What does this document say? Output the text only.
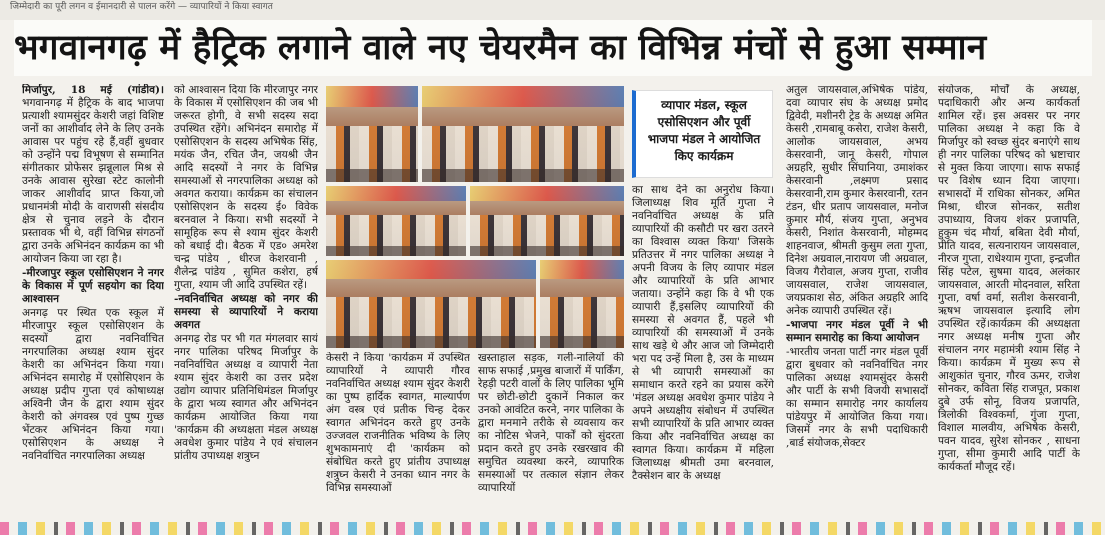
जिम्मेदारी का पूरी लगन व ईमानदारी से पालन करेंगे — व्यापारियों ने किया स्वागत
भगवानगढ़ में हैट्रिक लगाने वाले नए चेयरमैन का विभिन्न मंचों से हुआ सम्मान

मिर्जापुर, 18 मई (गांडीव)। भगवानगढ़ में हैट्रिक के बाद भाजपा प्रत्याशी श्यामसुंदर केशरी जहां विशिष्ट जनों का आशीर्वाद लेने के लिए उनके आवास पर पहुंच रहे हैं,वहीं बुधवार को उन्होंने पद्म विभूषण से सम्मानित संगीतकार प्रोफेसर झन्नूलाल मिश्र से उनके आवास सुरेखा स्टेट कालोनी जाकर आशीर्वाद प्राप्त किया,जो प्रधानमंत्री मोदी के वाराणसी संसदीय क्षेत्र से चुनाव लड़ने के दौरान प्रस्तावक भी थे, वहीं विभिन्न संगठनों द्वारा उनके अभिनंदन कार्यक्रम का भी आयोजन किया जा रहा है।

-मीरजापुर स्कूल एसोसिएशन ने नगर के विकास में पूर्ण सहयोग का दिया आश्वासन

अनगढ़ पर स्थित एक स्कूल में मीरजापुर स्कूल एसोसिएशन के सदस्यों द्वारा नवनिर्वाचित नगरपालिका अध्यक्ष श्याम सुंदर केशरी का अभिनंदन किया गया। अभिनंदन समारोह में एसोसिएशन के अध्यक्ष प्रदीप गुप्ता एवं कोषाध्यक्ष अश्विनी जैन के द्वारा श्याम सुंदर केशरी को अंगवस्त्र एवं पुष्प गुच्छ भेंटकर अभिनंदन किया गया। एसोसिएशन के अध्यक्ष ने नवनिर्वाचित नगरपालिका अध्यक्ष

को आश्वासन दिया कि मीरजापुर नगर के विकास में एसोसिएशन की जब भी जरूरत होगी, वे सभी सदस्य सदा उपस्थित रहेंगे। अभिनंदन समारोह में एसोसिएशन के सदस्य अभिषेक सिंह, मयंक जैन, रचित जैन, जयश्री जैन आदि सदस्यों ने नगर के विभिन्न समस्याओं से नगरपालिका अध्यक्ष को अवगत कराया। कार्यक्रम का संचालन एसोसिएशन के सदस्य ई० विवेक बरनवाल ने किया। सभी सदस्यों ने सामूहिक रूप से श्याम सुंदर केशरी को बधाई दी। बैठक में एड० अमरेश चन्द्र पांडेय , धीरज केशरवानी , शैलेन्द्र पांडेय , सुमित कशेरा, हर्ष गुप्ता, श्याम जी आदि उपस्थित रहें।

-नवनिर्वाचित अध्यक्ष को नगर की समस्या से व्यापारियों ने कराया अवगत

अनगढ़ रोड पर भी गत मंगलवार सायं नगर पालिका परिषद मिर्जापुर के नवनिर्वाचित अध्यक्ष व व्यापारी नेता श्याम सुंदर केशरी का उत्तर प्रदेश उद्योग व्यापार प्रतिनिधिमंडल मिर्जापुर के द्वारा भव्य स्वागत और अभिनंदन कार्यक्रम आयोजित किया गया 'कार्यक्रम की अध्यक्षता मंडल अध्यक्ष अवधेश कुमार पांडेय ने एवं संचालन प्रांतीय उपाध्यक्ष शत्रुघ्न

केसरी ने किया 'कार्यक्रम में उपस्थित व्यापारियों ने व्यापारी गौरव नवनिर्वाचित अध्यक्ष श्याम सुंदर केशरी का पुष्प हार्दिक स्वागत, माल्यार्पण अंग वस्त्र एवं प्रतीक चिन्ह देकर स्वागत अभिनंदन करते हुए उनके उज्जवल राजनीतिक भविष्य के लिए शुभकामनाएं दी 'कार्यक्रम को संबोधित करते हुए प्रांतीय उपाध्यक्ष शत्रुघ्न केसरी ने उनका ध्यान नगर के विभिन्न समस्याओं

खस्ताहाल सड़क, गली-नालियों की साफ सफाई ,प्रमुख बाजारों में पार्किंग, रेहड़ी पटरी वालों के लिए पालिका भूमि पर छोटी-छोटी दुकानें निकाल कर उनको आवंटित करने, नगर पालिका के द्वारा मनमाने तरीके से व्यवसाय कर का नोटिस भेजने, पार्कों को सुंदरता प्रदान करते हुए उनके रखरखाव की समुचित व्यवस्था करने, व्यापारिक समस्याओं पर तत्काल संज्ञान लेकर व्यापारियों

व्यापार मंडल, स्कूल
एसोसिएशन और पूर्वी
भाजपा मंडल ने आयोजित
किए कार्यक्रम

का साथ देने का अनुरोध किया। जिलाध्यक्ष शिव मूर्ति गुप्ता ने नवनिर्वाचित अध्यक्ष के प्रति व्यापारियों की कसौटी पर खरा उतरने का विश्वास व्यक्त किया' जिसके प्रतिउत्तर में नगर पालिका अध्यक्ष ने अपनी विजय के लिए व्यापार मंडल और व्यापारियों के प्रति आभार जताया। उन्होंने कहा कि वे भी एक व्यापारी हैं,इसलिए व्यापारियों की समस्या से अवगत हैं, पहले भी व्यापारियों की समस्याओं में उनके साथ खड़े थे और आज जो जिम्मेदारी भरा पद उन्हें मिला है, उस के माध्यम से भी व्यापारी समस्याओं का समाधान करते रहने का प्रयास करेंगे 'मंडल अध्यक्ष अवधेश कुमार पांडेय ने अपने अध्यक्षीय संबोधन में उपस्थित सभी व्यापारियों के प्रति आभार व्यक्त किया और नवनिर्वाचित अध्यक्ष का स्वागत किया। कार्यक्रम में महिला जिलाध्यक्ष श्रीमती उमा बरनवाल, टैक्सेशन बार के अध्यक्ष

अतुल जायसवाल,अभिषेक पांडेय, दवा व्यापार संघ के अध्यक्ष प्रमोद द्विवेदी, मशीनरी ट्रेड के अध्यक्ष अमित केसरी ,रामबाबू कसेरा, राजेश केसरी, आलोक जायसवाल, अभय केसरवानी, जानू केसरी, गोपाल अग्रहरि, सुधीर सिंघानिया, उमाशंकर केसरवानी ,लक्ष्मण प्रसाद केसरवानी,राम कुमार केसरवानी, रतन टंडन, धीर प्रताप जायसवाल, मनोज कुमार मौर्य, संजय गुप्ता, अनुभव केसरी, निशांत केसरवानी, मोहम्मद शाहनवाज, श्रीमती कुसुम लता गुप्ता, दिनेश अग्रवाल,नारायण जी अग्रवाल, विजय गैरोवाल, अजय गुप्ता, राजीव जायसवाल, राजेश जायसवाल, जयप्रकाश सेठ, अंकित अग्रहरि आदि अनेक व्यापारी उपस्थित रहें।

-भाजपा नगर मंडल पूर्वी ने भी सम्मान समारोह का किया आयोजन

-भारतीय जनता पार्टी नगर मंडल पूर्वी द्वारा बुधवार को नवनिर्वाचित नगर पालिका अध्यक्ष श्यामसुंदर केसरी और पार्टी के सभी विजयी सभासदों का सम्मान समारोह नगर कार्यालय पांडेयपुर में आयोजित किया गया। जिसमें नगर के सभी पदाधिकारी ,बार्ड संयोजक,सेक्टर

संयोजक, मोर्चों के अध्यक्ष, पदाधिकारी और अन्य कार्यकर्ता शामिल रहें। इस अवसर पर नगर पालिका अध्यक्ष ने कहा कि वे मिर्जापुर को स्वच्छ सुंदर बनाएंगे साथ ही नगर पालिका परिषद को भ्रष्टाचार से मुक्त किया जाएगा। साफ सफाई पर विशेष ध्यान दिया जाएगा। सभासदों में राधिका सोनकर, अमित मिश्रा, धीरज सोनकर, सतीश उपाध्याय, विजय शंकर प्रजापति, हुकुम चंद मौर्या, बबिता देवी मौर्या, प्रीति यादव, सत्यनारायन जायसवाल, नीरज गुप्ता, राधेश्याम गुप्ता, इन्द्रजीत सिंह पटेल, सुषमा यादव, अलंकार जायसवाल, आरती मोदनवाल, सरिता गुप्ता, वर्षा वर्मा, सतीश केसरवानी, ऋषभ जायसवाल इत्यादि लोग उपस्थित रहें।कार्यक्रम की अध्यक्षता नगर अध्यक्ष मनीष गुप्ता और संचालन नगर महामंत्री श्याम सिंह ने किया। कार्यक्रम में मुख्य रूप से आशुकांत चुनार, गौरव ऊमर, राजेश सोनकर, कविता सिंह राजपूत, प्रकाश दुबे उर्फ सोनू, विजय प्रजापति, त्रिलोकी विश्वकर्मा, गुंजा गुप्ता, विशाल मालवीय, अभिषेक केसरी, पवन यादव, सुरेश सोनकर , साधना गुप्ता, सीमा कुमारी आदि पार्टी के कार्यकर्ता मौजूद रहें।
